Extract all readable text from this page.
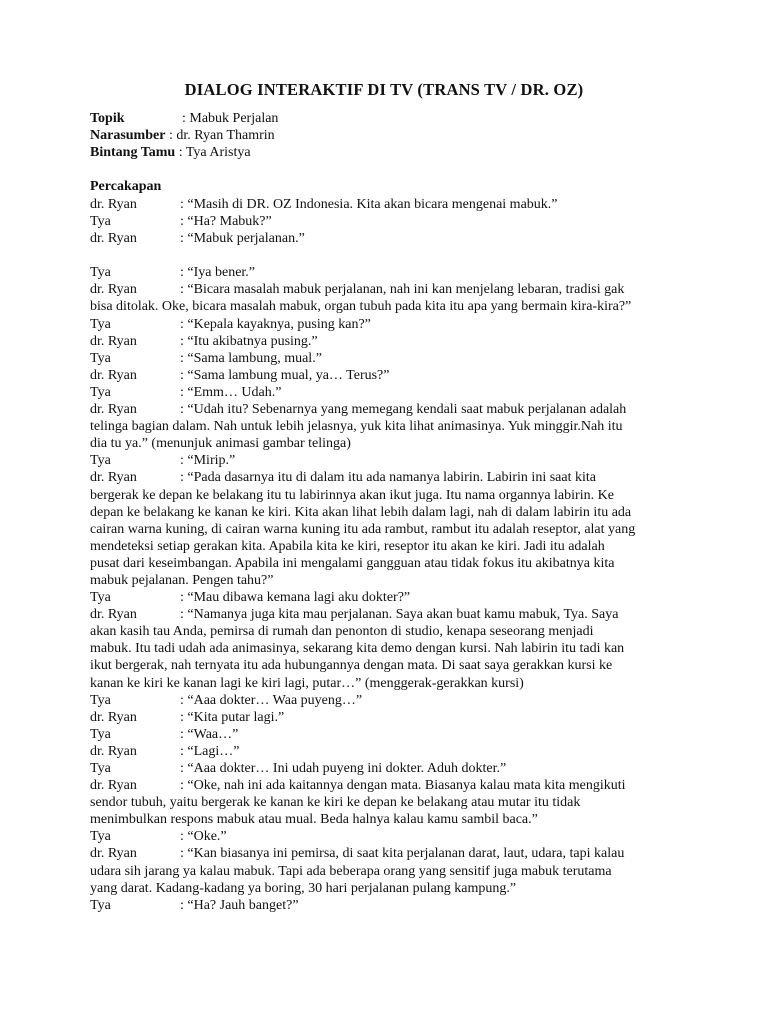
DIALOG INTERAKTIF DI TV (TRANS TV / DR. OZ)
Topik	: Mabuk Perjalan
Narasumber : dr. Ryan Thamrin
Bintang Tamu : Tya Aristya
Percakapan
dr. Ryan	: “Masih di DR. OZ Indonesia. Kita akan bicara mengenai mabuk.”
Tya	: “Ha? Mabuk?”
dr. Ryan	: “Mabuk perjalanan.”
Tya	: “Iya bener.”
dr. Ryan	: “Bicara masalah mabuk perjalanan, nah ini kan menjelang lebaran, tradisi gak
bisa ditolak. Oke, bicara masalah mabuk, organ tubuh pada kita itu apa yang bermain kira-kira?”
Tya	: “Kepala kayaknya, pusing kan?”
dr. Ryan	: “Itu akibatnya pusing.”
Tya	: “Sama lambung, mual.”
dr. Ryan	: “Sama lambung mual, ya… Terus?”
Tya	: “Emm… Udah.”
dr. Ryan	: “Udah itu? Sebenarnya yang memegang kendali saat mabuk perjalanan adalah
telinga bagian dalam. Nah untuk lebih jelasnya, yuk kita lihat animasinya. Yuk minggir.Nah itu
dia tu ya.” (menunjuk animasi gambar telinga)
Tya	: “Mirip.”
dr. Ryan	: “Pada dasarnya itu di dalam itu ada namanya labirin. Labirin ini saat kita
bergerak ke depan ke belakang itu tu labirinnya akan ikut juga. Itu nama organnya labirin. Ke
depan ke belakang ke kanan ke kiri. Kita akan lihat lebih dalam lagi, nah di dalam labirin itu ada
cairan warna kuning, di cairan warna kuning itu ada rambut, rambut itu adalah reseptor, alat yang
mendeteksi setiap gerakan kita. Apabila kita ke kiri, reseptor itu akan ke kiri. Jadi itu adalah
pusat dari keseimbangan. Apabila ini mengalami gangguan atau tidak fokus itu akibatnya kita
mabuk pejalanan. Pengen tahu?”
Tya	: “Mau dibawa kemana lagi aku dokter?”
dr. Ryan	: “Namanya juga kita mau perjalanan. Saya akan buat kamu mabuk, Tya. Saya
akan kasih tau Anda, pemirsa di rumah dan penonton di studio, kenapa seseorang menjadi
mabuk. Itu tadi udah ada animasinya, sekarang kita demo dengan kursi. Nah labirin itu tadi kan
ikut bergerak, nah ternyata itu ada hubungannya dengan mata. Di saat saya gerakkan kursi ke
kanan ke kiri ke kanan lagi ke kiri lagi, putar…” (menggerak-gerakkan kursi)
Tya	: “Aaa dokter… Waa puyeng…”
dr. Ryan	: “Kita putar lagi.”
Tya	: “Waa…”
dr. Ryan	: “Lagi…”
Tya	: “Aaa dokter… Ini udah puyeng ini dokter. Aduh dokter.”
dr. Ryan	: “Oke, nah ini ada kaitannya dengan mata. Biasanya kalau mata kita mengikuti
sendor tubuh, yaitu bergerak ke kanan ke kiri ke depan ke belakang atau mutar itu tidak
menimbulkan respons mabuk atau mual. Beda halnya kalau kamu sambil baca.”
Tya	: “Oke.”
dr. Ryan	: “Kan biasanya ini pemirsa, di saat kita perjalanan darat, laut, udara, tapi kalau
udara sih jarang ya kalau mabuk. Tapi ada beberapa orang yang sensitif juga mabuk terutama
yang darat. Kadang-kadang ya boring, 30 hari perjalanan pulang kampung.”
Tya	: “Ha? Jauh banget?”
